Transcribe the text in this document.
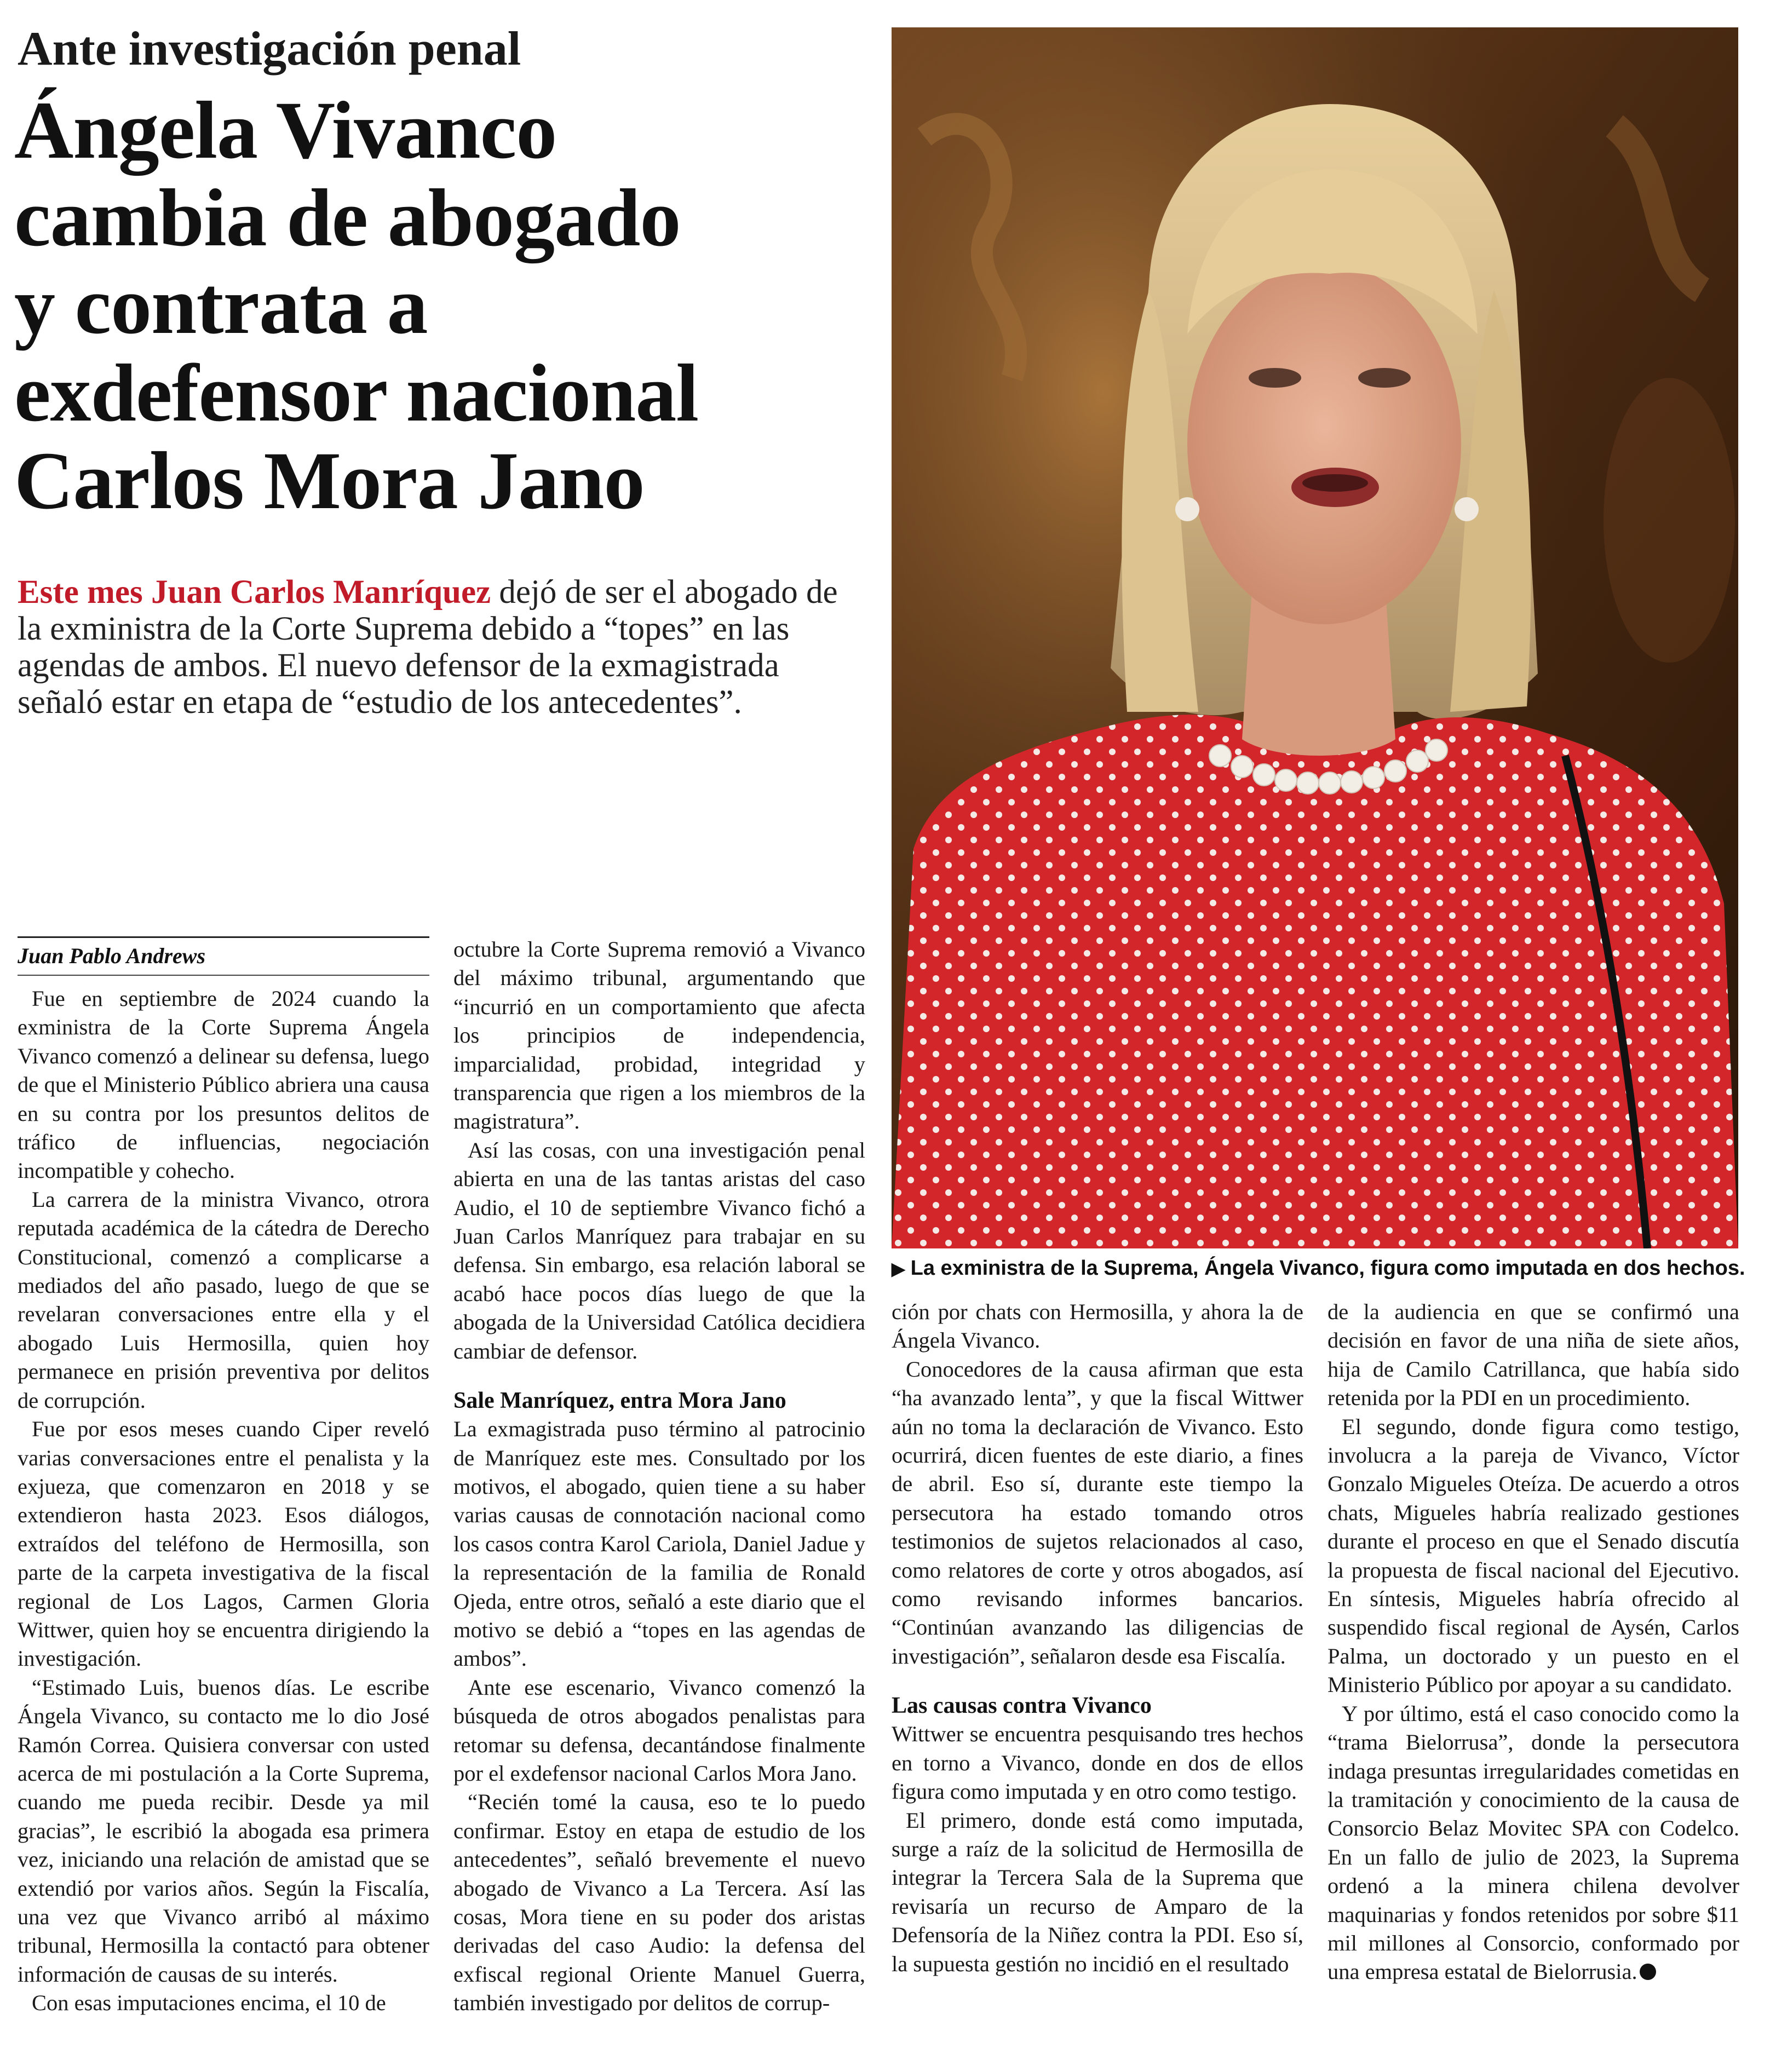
Ante investigación penal
Ángela Vivanco
cambia de abogado
y contrata a
exdefensor nacional
Carlos Mora Jano
Este mes Juan Carlos Manríquez dejó de ser el abogado de la exministra de la Corte Suprema debido a “topes” en las agendas de ambos. El nuevo defensor de la exmagistrada señaló estar en etapa de “estudio de los antecedentes”.
▶ La exministra de la Suprema, Ángela Vivanco, figura como imputada en dos hechos.
Juan Pablo Andrews

Fue en septiembre de 2024 cuando la exministra de la Corte Suprema Ángela Vivanco comenzó a delinear su defensa, luego de que el Ministerio Público abriera una causa en su contra por los presuntos delitos de tráfico de influencias, negociación incompatible y cohecho.

La carrera de la ministra Vivanco, otrora reputada académica de la cátedra de Derecho Constitucional, comenzó a complicarse a mediados del año pasado, luego de que se revelaran conversaciones entre ella y el abogado Luis Hermosilla, quien hoy permanece en prisión preventiva por delitos de corrupción.

Fue por esos meses cuando Ciper reveló varias conversaciones entre el penalista y la exjueza, que comenzaron en 2018 y se extendieron hasta 2023. Esos diálogos, extraídos del teléfono de Hermosilla, son parte de la carpeta investigativa de la fiscal regional de Los Lagos, Carmen Gloria Wittwer, quien hoy se encuentra dirigiendo la investigación.

“Estimado Luis, buenos días. Le escribe Ángela Vivanco, su contacto me lo dio José Ramón Correa. Quisiera conversar con usted acerca de mi postulación a la Corte Suprema, cuando me pueda recibir. Desde ya mil gracias”, le escribió la abogada esa primera vez, iniciando una relación de amistad que se extendió por varios años. Según la Fiscalía, una vez que Vivanco arribó al máximo tribunal, Hermosilla la contactó para obtener información de causas de su interés.

Con esas imputaciones encima, el 10 de

octubre la Corte Suprema removió a Vivanco del máximo tribunal, argumentando que “incurrió en un comportamiento que afecta los principios de independencia, imparcialidad, probidad, integridad y transparencia que rigen a los miembros de la magistratura”.

Así las cosas, con una investigación penal abierta en una de las tantas aristas del caso Audio, el 10 de septiembre Vivanco fichó a Juan Carlos Manríquez para trabajar en su defensa. Sin embargo, esa relación laboral se acabó hace pocos días luego de que la abogada de la Universidad Católica decidiera cambiar de defensor.

Sale Manríquez, entra Mora Jano

La exmagistrada puso término al patrocinio de Manríquez este mes. Consultado por los motivos, el abogado, quien tiene a su haber varias causas de connotación nacional como los casos contra Karol Cariola, Daniel Jadue y la representación de la familia de Ronald Ojeda, entre otros, señaló a este diario que el motivo se debió a “topes en las agendas de ambos”.

Ante ese escenario, Vivanco comenzó la búsqueda de otros abogados penalistas para retomar su defensa, decantándose finalmente por el exdefensor nacional Carlos Mora Jano.

“Recién tomé la causa, eso te lo puedo confirmar. Estoy en etapa de estudio de los antecedentes”, señaló brevemente el nuevo abogado de Vivanco a La Tercera. Así las cosas, Mora tiene en su poder dos aristas derivadas del caso Audio: la defensa del exfiscal regional Oriente Manuel Guerra, también investigado por delitos de corrup-

ción por chats con Hermosilla, y ahora la de Ángela Vivanco.

Conocedores de la causa afirman que esta “ha avanzado lenta”, y que la fiscal Wittwer aún no toma la declaración de Vivanco. Esto ocurrirá, dicen fuentes de este diario, a fines de abril. Eso sí, durante este tiempo la persecutora ha estado tomando otros testimonios de sujetos relacionados al caso, como relatores de corte y otros abogados, así como revisando informes bancarios. “Continúan avanzando las diligencias de investigación”, señalaron desde esa Fiscalía.

Las causas contra Vivanco

Wittwer se encuentra pesquisando tres hechos en torno a Vivanco, donde en dos de ellos figura como imputada y en otro como testigo.

El primero, donde está como imputada, surge a raíz de la solicitud de Hermosilla de integrar la Tercera Sala de la Suprema que revisaría un recurso de Amparo de la Defensoría de la Niñez contra la PDI. Eso sí, la supuesta gestión no incidió en el resultado

de la audiencia en que se confirmó una decisión en favor de una niña de siete años, hija de Camilo Catrillanca, que había sido retenida por la PDI en un procedimiento.

El segundo, donde figura como testigo, involucra a la pareja de Vivanco, Víctor Gonzalo Migueles Oteíza. De acuerdo a otros chats, Migueles habría realizado gestiones durante el proceso en que el Senado discutía la propuesta de fiscal nacional del Ejecutivo. En síntesis, Migueles habría ofrecido al suspendido fiscal regional de Aysén, Carlos Palma, un doctorado y un puesto en el Ministerio Público por apoyar a su candidato.

Y por último, está el caso conocido como la “trama Bielorrusa”, donde la persecutora indaga presuntas irregularidades cometidas en la tramitación y conocimiento de la causa de Consorcio Belaz Movitec SPA con Codelco. En un fallo de julio de 2023, la Suprema ordenó a la minera chilena devolver maquinarias y fondos retenidos por sobre $11 mil millones al Consorcio, conformado por una empresa estatal de Bielorrusia.
